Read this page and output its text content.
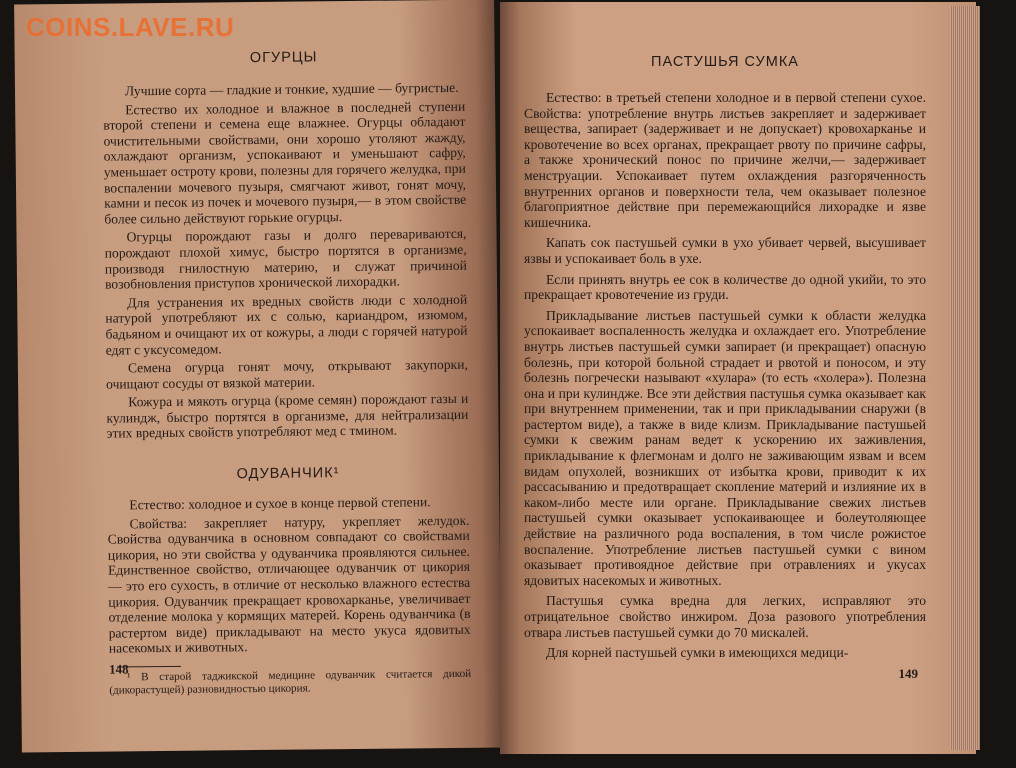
ОГУРЦЫ

Лучшие сорта — гладкие и тонкие, худшие — бугристые.

Естество их холодное и влажное в последней ступени второй степени и семена еще влажнее. Огурцы обладают очистительными свойствами, они хорошо утоляют жажду, охлаждают организм, успокаивают и уменьшают сафру, уменьшает остроту крови, полезны для горячего желудка, при воспалении мочевого пузыря, смягчают живот, гонят мочу, камни и песок из почек и мочевого пузыря,— в этом свойстве более сильно действуют горькие огурцы.

Огурцы порождают газы и долго перевариваются, порождают плохой химус, быстро портятся в организме, производя гнилостную материю, и служат причиной возобновления приступов хронической лихорадки.

Для устранения их вредных свойств люди с холодной натурой употребляют их с солью, кариандром, изюмом, бадьяном и очищают их от кожуры, а люди с горячей натурой едят с уксусомедом.

Семена огурца гонят мочу, открывают закупорки, очищают сосуды от вязкой материи.

Кожура и мякоть огурца (кроме семян) порождают газы и кулиндж, быстро портятся в организме, для нейтрализации этих вредных свойств употребляют мед с тмином.

ОДУВАНЧИК¹

Естество: холодное и сухое в конце первой степени.

Свойства: закрепляет натуру, укрепляет желудок. Свойства одуванчика в основном совпадают со свойствами цикория, но эти свойства у одуванчика проявляются сильнее. Единственное свойство, отличающее одуванчик от цикория — это его сухость, в отличие от несколько влажного естества цикория. Одуванчик прекращает кровохарканье, увеличивает отделение молока у кормящих матерей. Корень одуванчика (в растертом виде) прикладывают на место укуса ядовитых насекомых и животных.

¹ В старой таджикской медицине одуванчик считается дикой (дикорастущей) разновидностью цикория.
148
ПАСТУШЬЯ СУМКА

Естество: в третьей степени холодное и в первой степени сухое. Свойства: употребление внутрь листьев закрепляет и задерживает вещества, запирает (задерживает и не допускает) кровохарканье и кровотечение во всех органах, прекращает рвоту по причине сафры, а также хронический понос по причине желчи,— задерживает менструации. Успокаивает путем охлаждения разгоряченность внутренних органов и поверхности тела, чем оказывает полезное благоприятное действие при перемежающийся лихорадке и язве кишечника.

Капать сок пастушьей сумки в ухо убивает червей, высушивает язвы и успокаивает боль в ухе.

Если принять внутрь ее сок в количестве до одной укийи, то это прекращает кровотечение из груди.

Прикладывание листьев пастушьей сумки к области желудка успокаивает воспаленность желудка и охлаждает его. Употребление внутрь листьев пастушьей сумки запирает (и прекращает) опасную болезнь, при которой больной страдает и рвотой и поносом, и эту болезнь погречески называют «хулара» (то есть «холера»). Полезна она и при кулиндже. Все эти действия пастушья сумка оказывает как при внутреннем применении, так и при прикладывании снаружи (в растертом виде), а также в виде клизм. Прикладывание пастушьей сумки к свежим ранам ведет к ускорению их заживления, прикладывание к флегмонам и долго не заживающим язвам и всем видам опухолей, возникших от избытка крови, приводит к их рассасыванию и предотвращает скопление материй и излияние их в каком-либо месте или органе. Прикладывание свежих листьев пастушьей сумки оказывает успокаивающее и болеутоляющее действие на различного рода воспаления, в том числе рожистое воспаление. Употребление листьев пастушьей сумки с вином оказывает противоядное действие при отравлениях и укусах ядовитых насекомых и животных.

Пастушья сумка вредна для легких, исправляют это отрицательное свойство инжиром. Доза разового употребления отвара листьев пастушьей сумки до 70 мискалей.

Для корней пастушьей сумки в имеющихся медици-

149
COINS.LAVE.RU
